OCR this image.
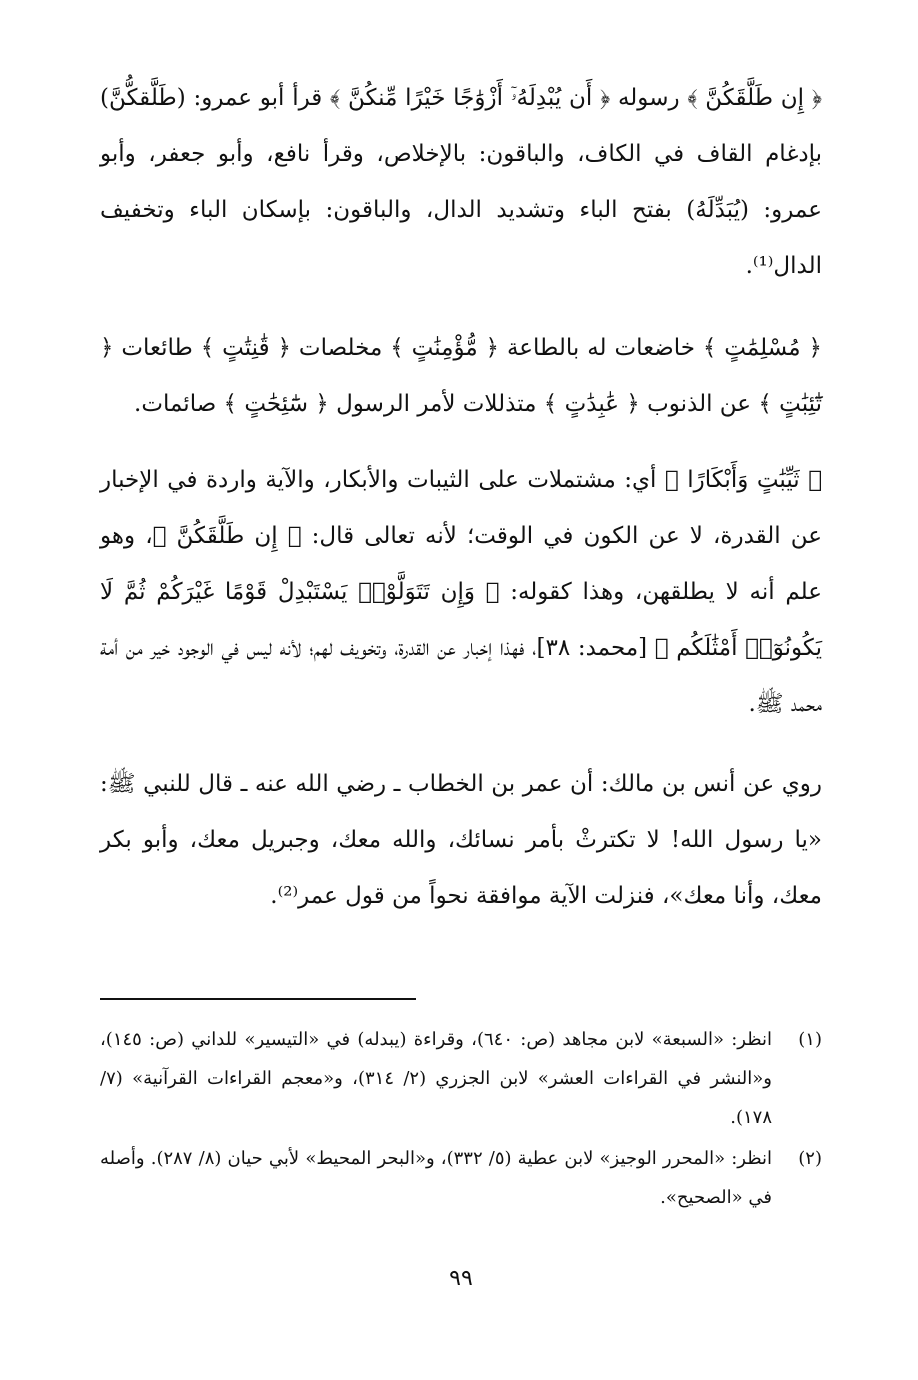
﴿ إِن طَلَّقَكُنَّ ﴾ رسوله ﴿ أَن يُبْدِلَهُۥٓ أَزْوَٰجًا خَيْرًا مِّنكُنَّ ﴾ قرأ أبو عمرو: (طَلَّقكُّنَّ) بإدغام القاف في الكاف، والباقون: بالإخلاص، وقرأ نافع، وأبو جعفر، وأبو عمرو: (يُبَدِّلَهُ) بفتح الباء وتشديد الدال، والباقون: بإسكان الباء وتخفيف الدال⁽¹⁾.

﴿ مُسْلِمَٰتٍ ﴾ خاضعات له بالطاعة ﴿ مُّؤْمِنَٰتٍ ﴾ مخلصات ﴿ قَٰنِتَٰتٍ ﴾ طائعات ﴿ تَٰٓئِبَٰتٍ ﴾ عن الذنوب ﴿ عَٰبِدَٰتٍ ﴾ متذللات لأمر الرسول ﴿ سَٰٓئِحَٰتٍ ﴾ صائمات.

﴿ ثَيِّبَٰتٍ وَأَبْكَارًا ﴾ أي: مشتملات على الثيبات والأبكار، والآية واردة في الإخبار عن القدرة، لا عن الكون في الوقت؛ لأنه تعالى قال: ﴿ إِن طَلَّقَكُنَّ ﴾، وهو علم أنه لا يطلقهن، وهذا كقوله: ﴿ وَإِن تَتَوَلَّوْا۟ يَسْتَبْدِلْ قَوْمًا غَيْرَكُمْ ثُمَّ لَا يَكُونُوٓا۟ أَمْثَٰلَكُم ﴾ [محمد: ٣٨]، فهذا إخبار عن القدرة، وتخويف لهم؛ لأنه ليس في الوجود خير من أمة محمد ﷺ.

روي عن أنس بن مالك: أن عمر بن الخطاب ـ رضي الله عنه ـ قال للنبي ﷺ: «يا رسول الله! لا تكترثْ بأمر نسائك، والله معك، وجبريل معك، وأبو بكر معك، وأنا معك»، فنزلت الآية موافقة نحواً من قول عمر⁽²⁾.

(١)
انظر: «السبعة» لابن مجاهد (ص: ٦٤٠)، وقراءة (يبدله) في «التيسير» للداني (ص: ١٤٥)، و«النشر في القراءات العشر» لابن الجزري (٢/ ٣١٤)، و«معجم القراءات القرآنية» (٧/ ١٧٨).
(٢)
انظر: «المحرر الوجيز» لابن عطية (٥/ ٣٣٢)، و«البحر المحيط» لأبي حيان (٨/ ٢٨٧). وأصله في «الصحيح».
٩٩
